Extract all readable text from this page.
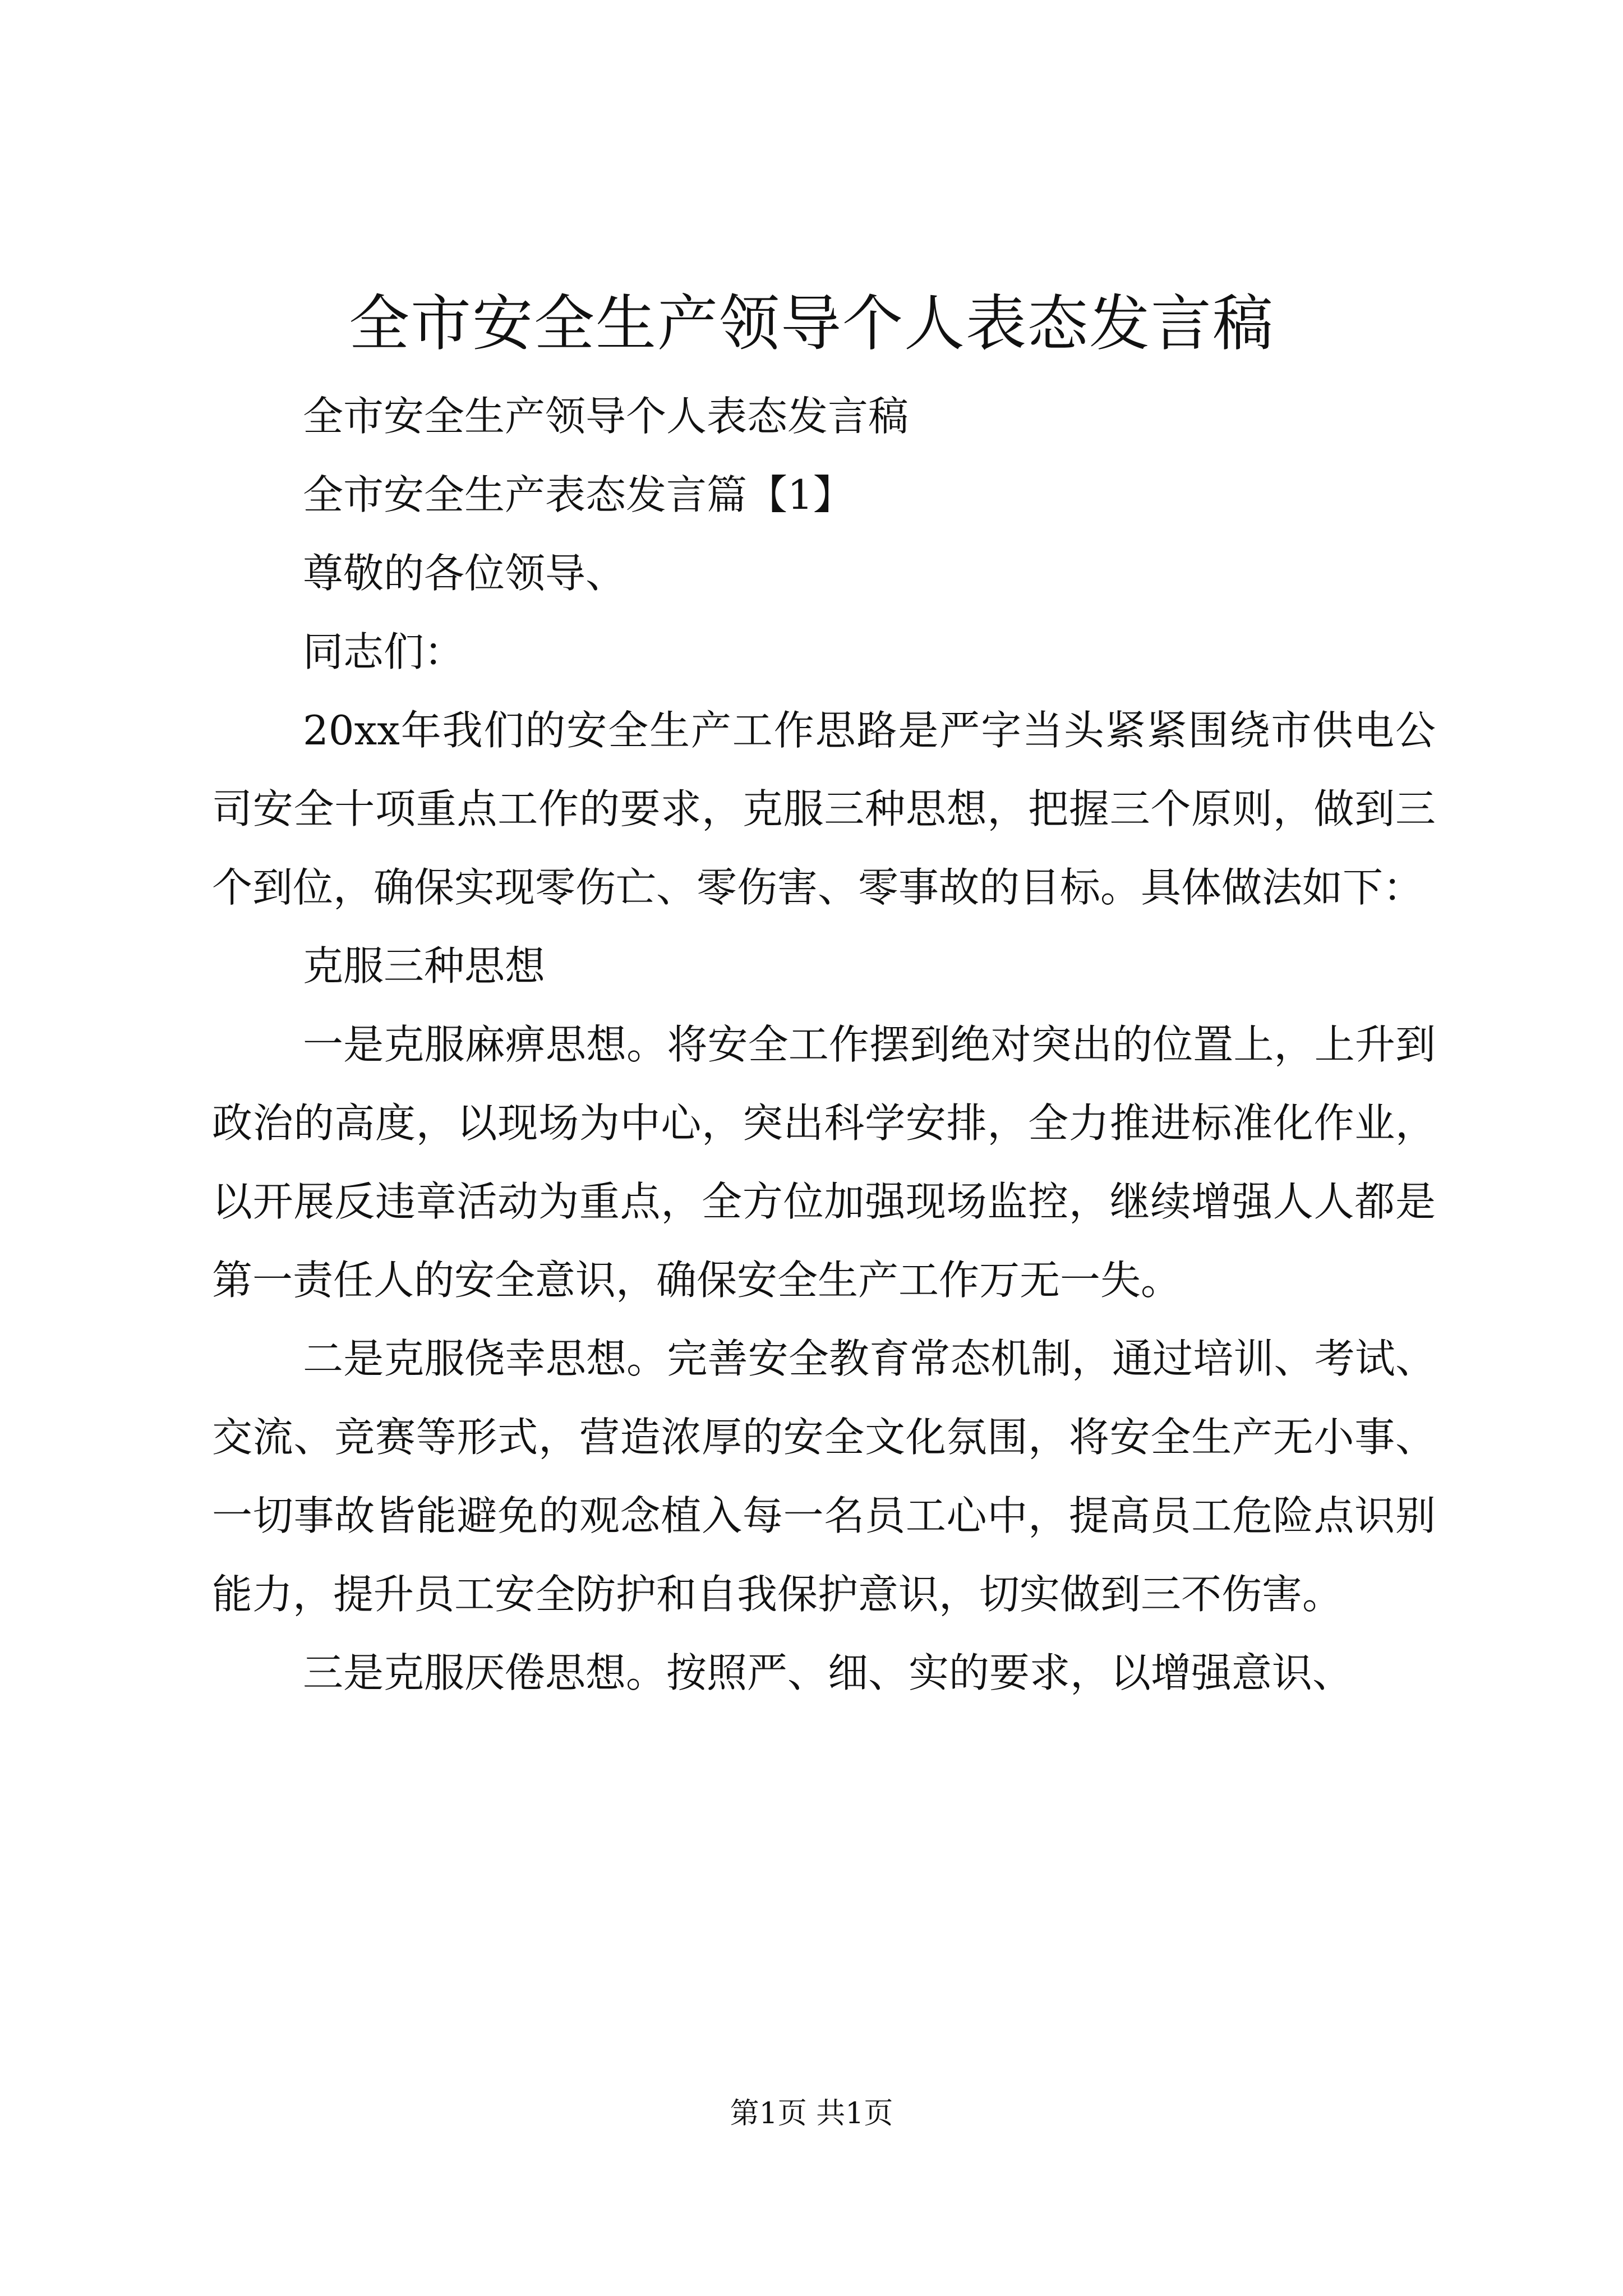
全市安全生产领导个人表态发言稿

全市安全生产领导个人表态发言稿

全市安全生产表态发言篇【1】

尊敬的各位领导、

同志们：

20xx年我们的安全生产工作思路是严字当头紧紧围绕市供电公司安全十项重点工作的要求，克服三种思想，把握三个原则，做到三个到位，确保实现零伤亡、零伤害、零事故的目标。具体做法如下：

克服三种思想

一是克服麻痹思想。将安全工作摆到绝对突出的位置上，上升到政治的高度，以现场为中心，突出科学安排，全力推进标准化作业，以开展反违章活动为重点，全方位加强现场监控，继续增强人人都是第一责任人的安全意识，确保安全生产工作万无一失。

二是克服侥幸思想。完善安全教育常态机制，通过培训、考试、交流、竞赛等形式，营造浓厚的安全文化氛围，将安全生产无小事、一切事故皆能避免的观念植入每一名员工心中，提高员工危险点识别能力，提升员工安全防护和自我保护意识，切实做到三不伤害。

三是克服厌倦思想。按照严、细、实的要求，以增强意识、

第1页 共1页
